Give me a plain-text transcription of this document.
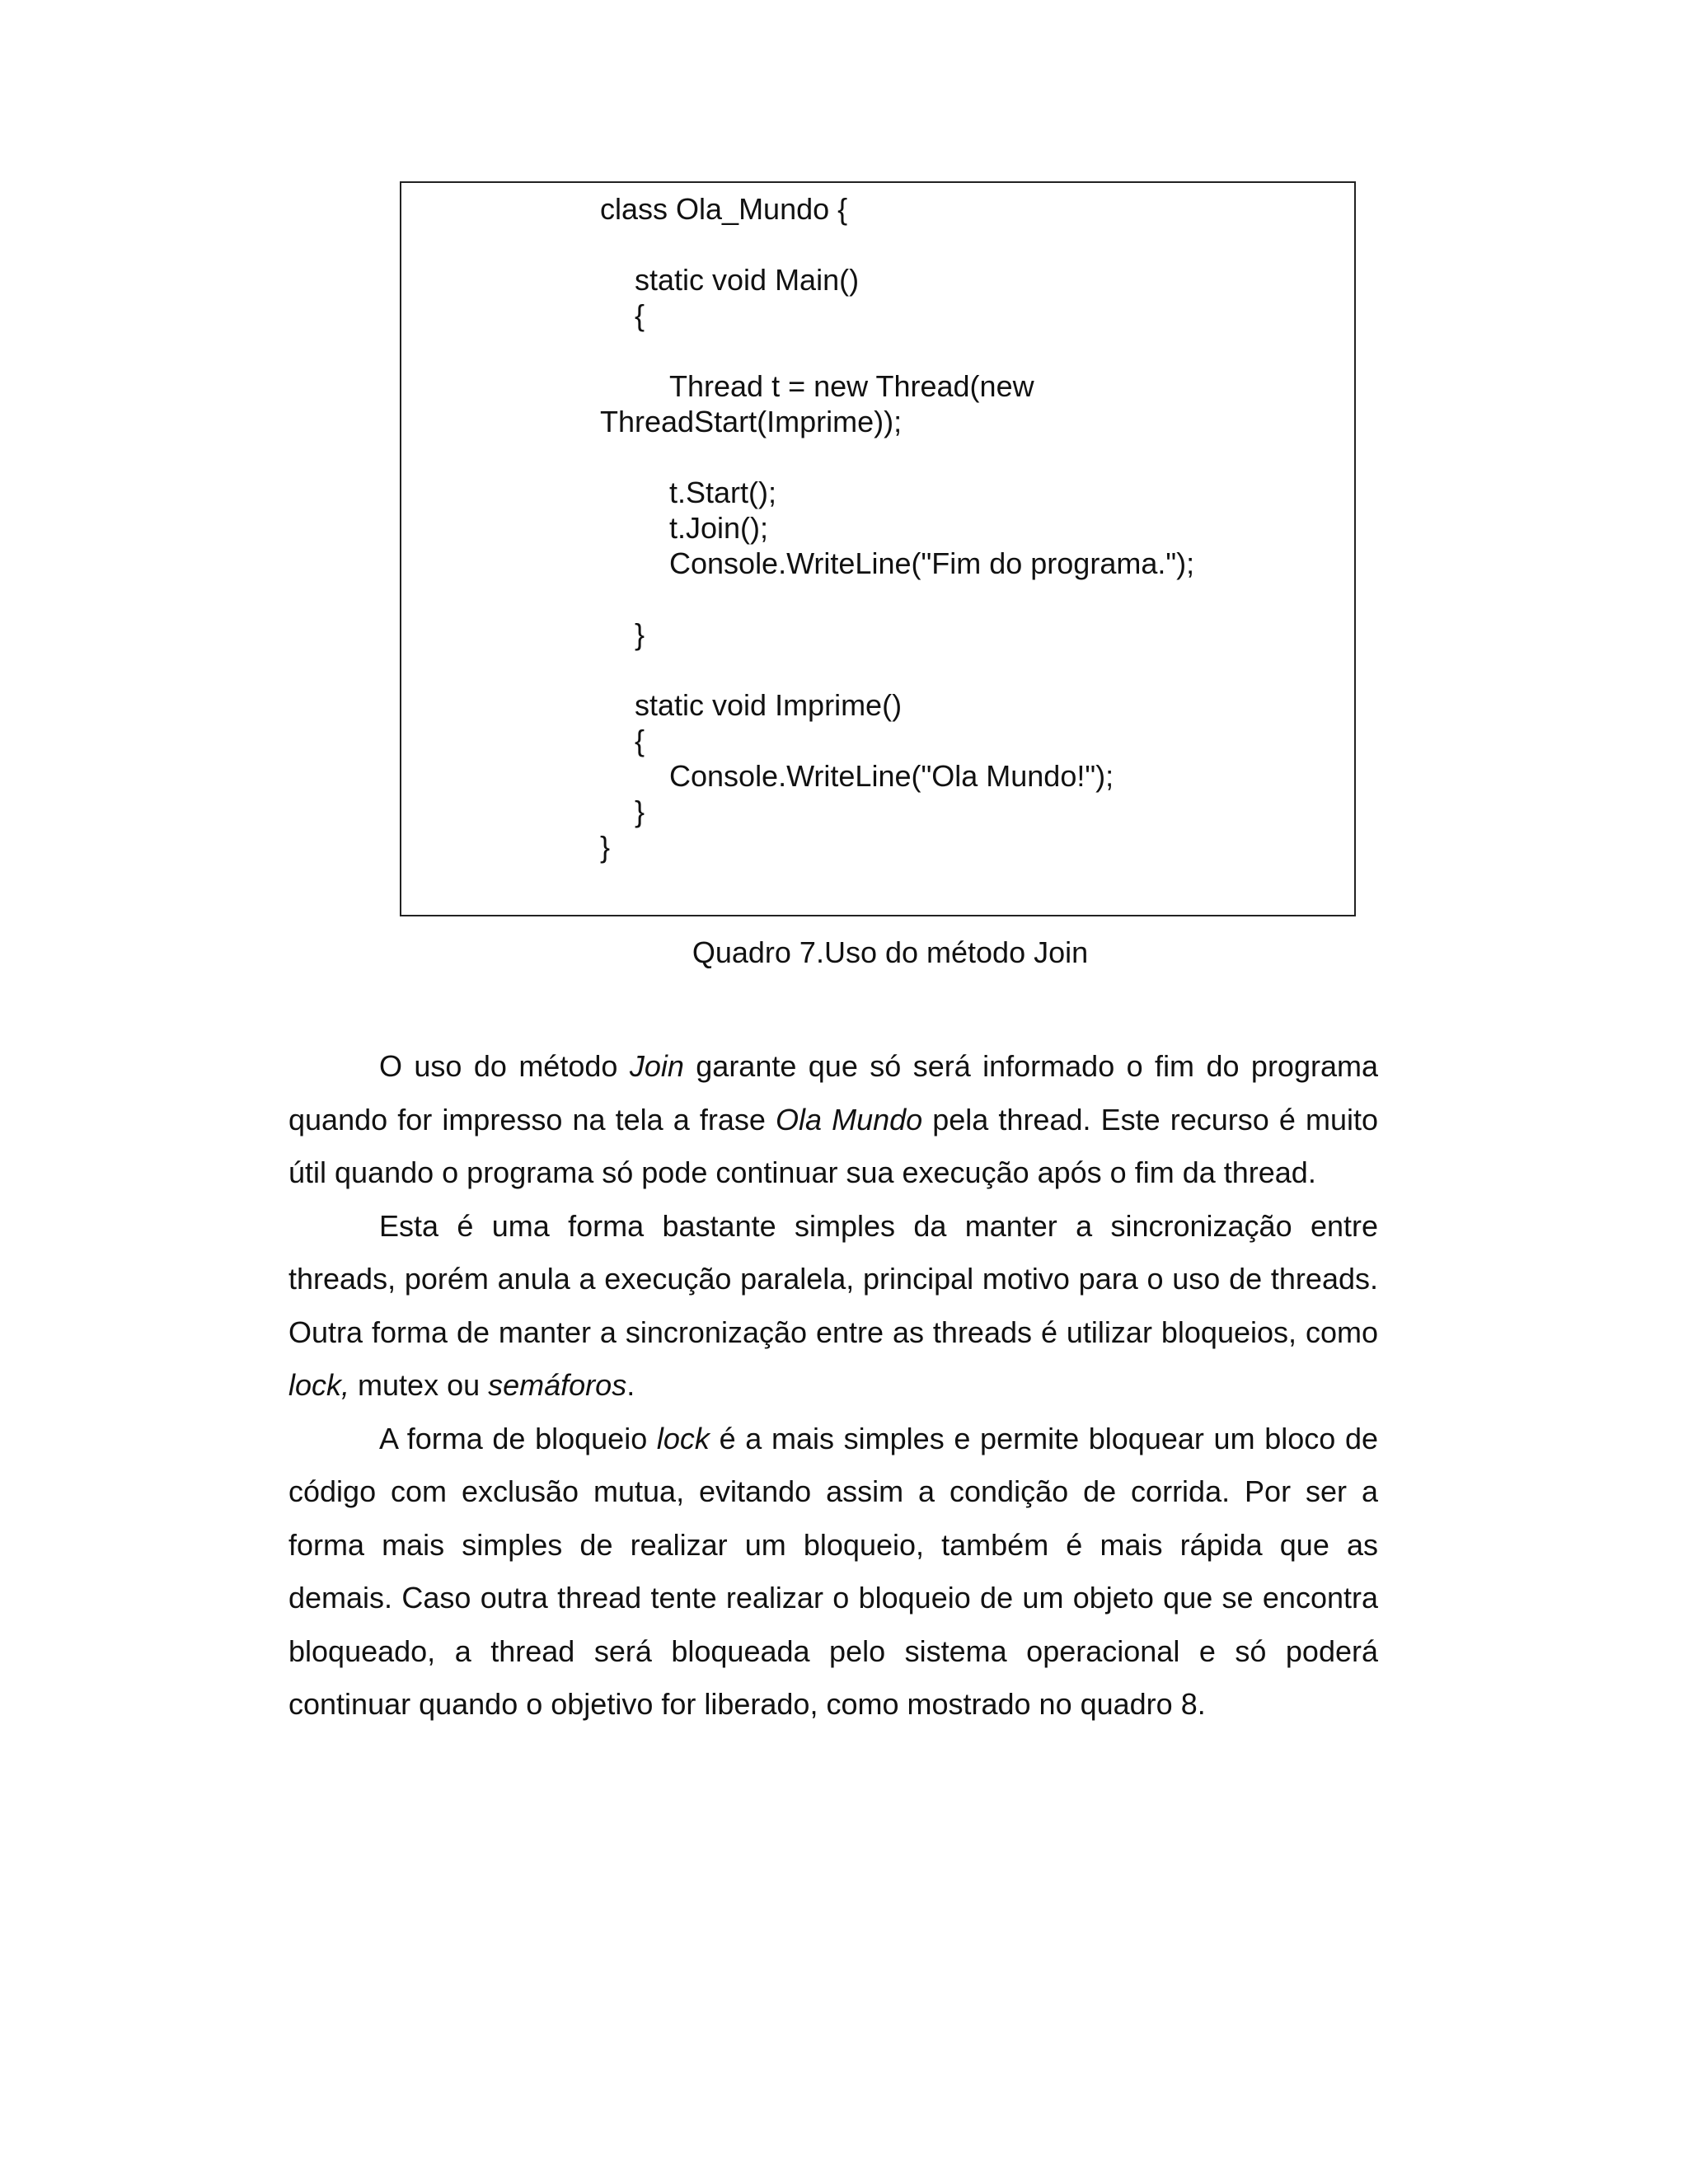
class Ola_Mundo {
static void Main()
{
Thread t = new Thread(new
ThreadStart(Imprime));
t.Start();
t.Join();
Console.WriteLine("Fim do programa.");
}
static void Imprime()
{
Console.WriteLine("Ola Mundo!");
}
}
Quadro 7.Uso do método Join

O uso do método Join garante que só será informado o fim do programa quando for impresso na tela a frase Ola Mundo pela thread. Este recurso é muito útil quando o programa só pode continuar sua execução após o fim da thread.

Esta é uma forma bastante simples da manter a sincronização entre threads, porém anula a execução paralela, principal motivo para o uso de threads. Outra forma de manter a sincronização entre as threads é utilizar bloqueios, como lock, mutex ou semáforos.

A forma de bloqueio lock é a mais simples e permite bloquear um bloco de código com exclusão mutua, evitando assim a condição de corrida. Por ser a forma mais simples de realizar um bloqueio, também é mais rápida que as demais. Caso outra thread tente realizar o bloqueio de um objeto que se encontra bloqueado, a thread será bloqueada pelo sistema operacional e só poderá continuar quando o objetivo for liberado, como mostrado no quadro 8.
